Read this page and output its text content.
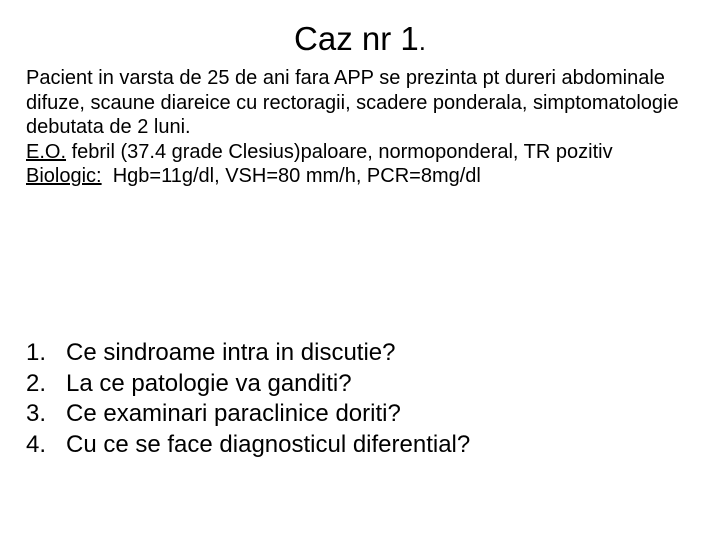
Caz nr 1.

Pacient in varsta de 25 de ani fara APP se prezinta pt dureri abdominale difuze, scaune diareice cu rectoragii, scadere ponderala, simptomatologie debutata de 2 luni.

E.O. febril (37.4 grade Clesius)paloare, normoponderal, TR pozitiv

Biologic:  Hgb=11g/dl, VSH=80 mm/h, PCR=8mg/dl

1. Ce sindroame intra in discutie?
2. La ce patologie va ganditi?
3. Ce examinari paraclinice doriti?
4. Cu ce se face diagnosticul diferential?
